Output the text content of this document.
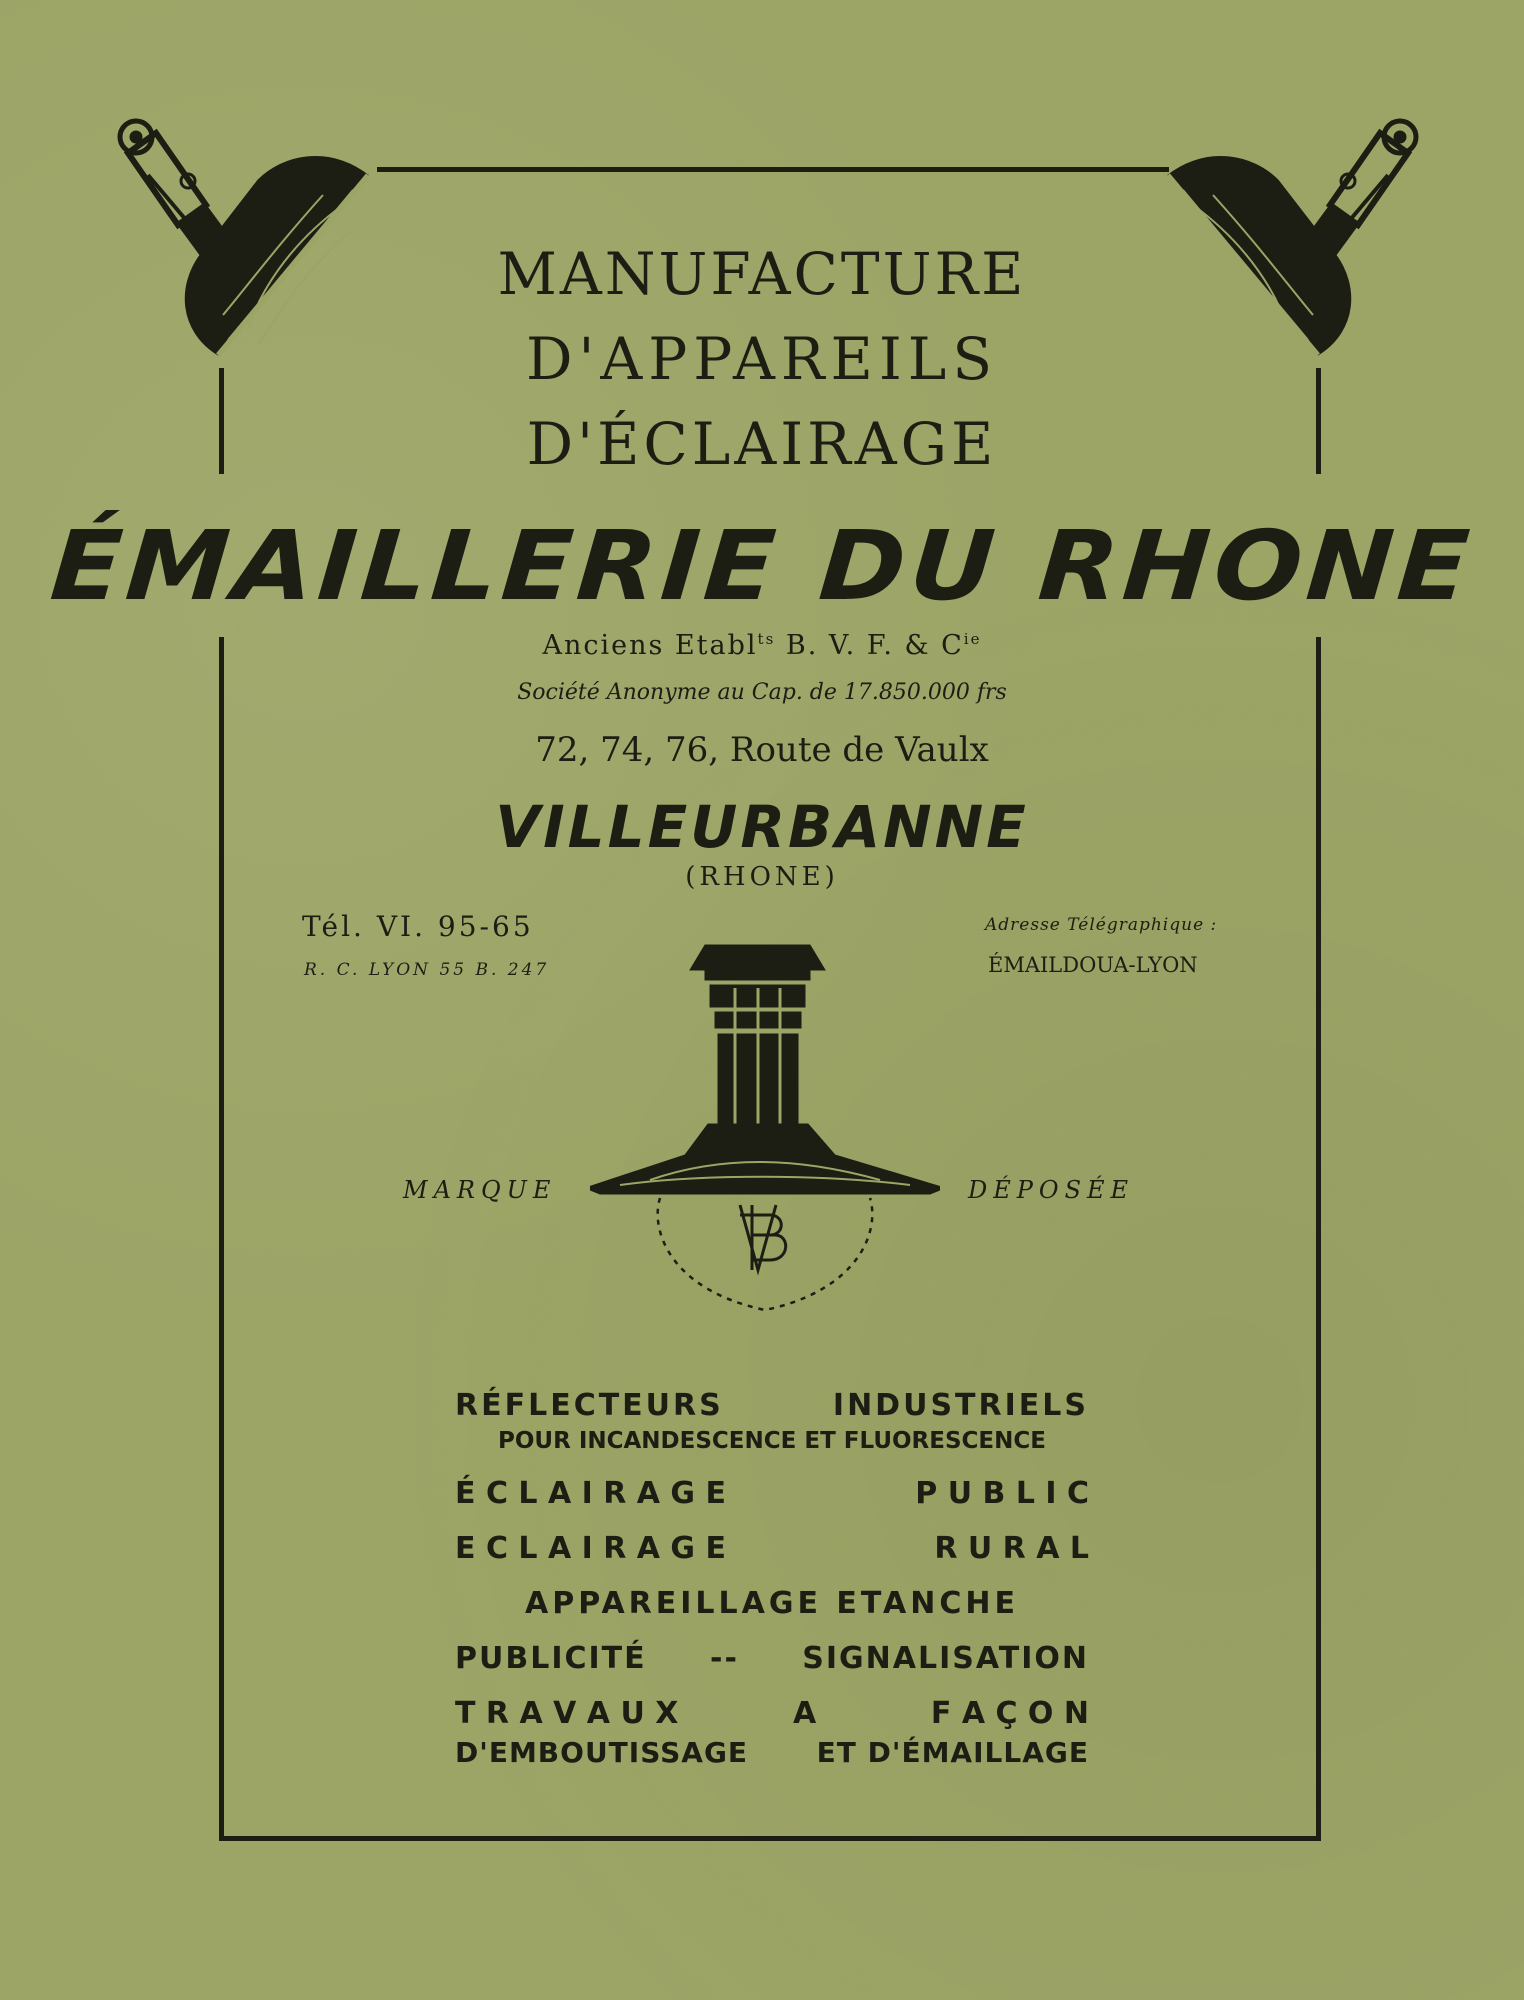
MANUFACTURE
D'APPAREILS
D'ÉCLAIRAGE
ÉMAILLERIE DU RHONE
Anciens Etabl$^{ts}$ B. V. F. & $C^{ie}$
Société Anonyme au Cap. de 17.850.000 frs
72, 74, 76, Route de Vaulx
VILLEURBANNE
(RHONE)
Tél. VI. 95-65
R. C. LYON 55 B. 247
Adresse Télégraphique :
ÉMAILDOUA-LYON
MARQUE	DÉPOSÉE
RÉFLECTEURS	INDUSTRIELS
POUR INCANDESCENCE ET FLUORESCENCE
É C L A I R A G E	P U B L I C
E C L A I R A G E	R U R A L
APPAREILLAGE ETANCHE
PUBLICITÉ -- SIGNALISATION
T R A V A U X	A	F A Ç O N
D'EMBOUTISSAGE ET D'ÉMAILLAGE
